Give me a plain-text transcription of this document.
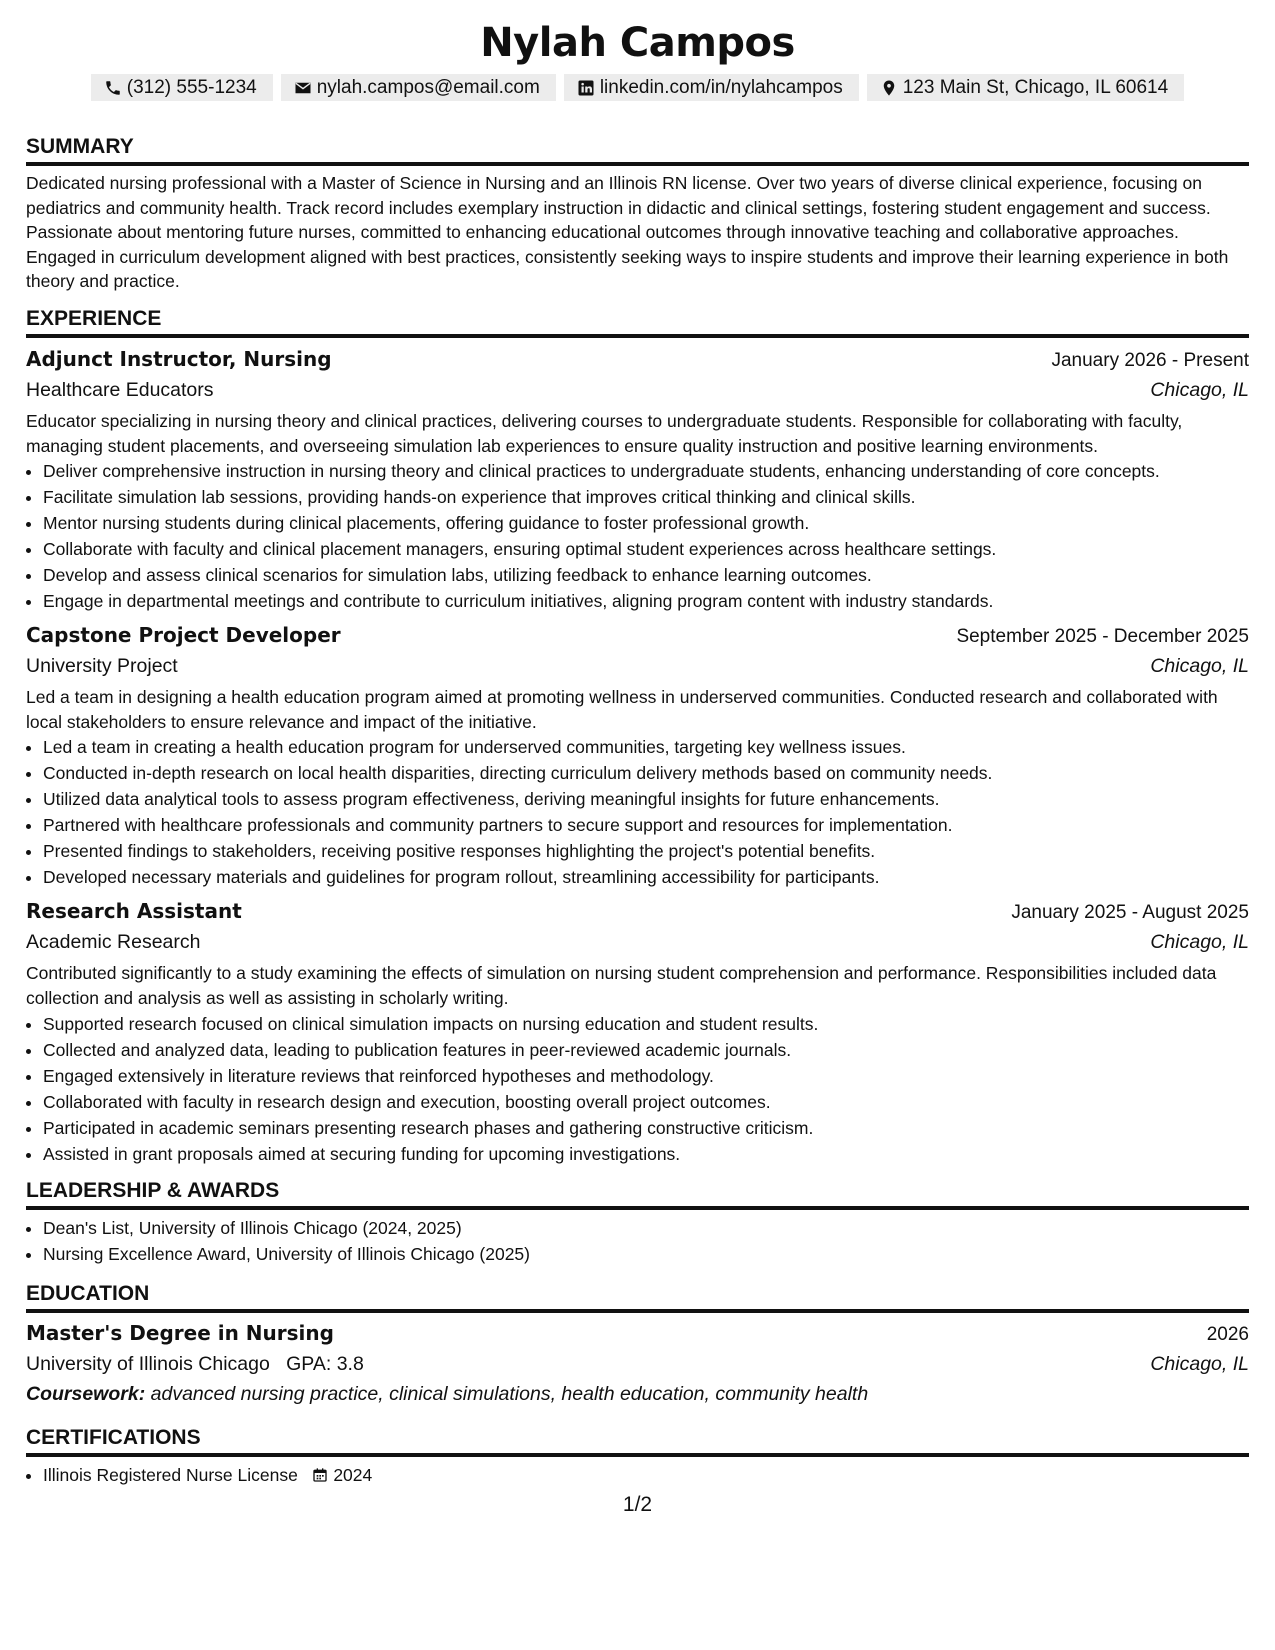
Nylah Campos
(312) 555-1234	nylah.campos@email.com	linkedin.com/in/nylahcampos	123 Main St, Chicago, IL 60614
SUMMARY

Dedicated nursing professional with a Master of Science in Nursing and an Illinois RN license. Over two years of diverse clinical experience, focusing on pediatrics and community health. Track record includes exemplary instruction in didactic and clinical settings, fostering student engagement and success. Passionate about mentoring future nurses, committed to enhancing educational outcomes through innovative teaching and collaborative approaches. Engaged in curriculum development aligned with best practices, consistently seeking ways to inspire students and improve their learning experience in both theory and practice.

EXPERIENCE
Adjunct Instructor, Nursing	January 2026 - Present
Healthcare Educators	Chicago, IL

Educator specializing in nursing theory and clinical practices, delivering courses to undergraduate students. Responsible for collaborating with faculty, managing student placements, and overseeing simulation lab experiences to ensure quality instruction and positive learning environments.

• Deliver comprehensive instruction in nursing theory and clinical practices to undergraduate students, enhancing understanding of core concepts.
• Facilitate simulation lab sessions, providing hands-on experience that improves critical thinking and clinical skills.
• Mentor nursing students during clinical placements, offering guidance to foster professional growth.
• Collaborate with faculty and clinical placement managers, ensuring optimal student experiences across healthcare settings.
• Develop and assess clinical scenarios for simulation labs, utilizing feedback to enhance learning outcomes.
• Engage in departmental meetings and contribute to curriculum initiatives, aligning program content with industry standards.
Capstone Project Developer	September 2025 - December 2025
University Project	Chicago, IL

Led a team in designing a health education program aimed at promoting wellness in underserved communities. Conducted research and collaborated with local stakeholders to ensure relevance and impact of the initiative.

• Led a team in creating a health education program for underserved communities, targeting key wellness issues.
• Conducted in-depth research on local health disparities, directing curriculum delivery methods based on community needs.
• Utilized data analytical tools to assess program effectiveness, deriving meaningful insights for future enhancements.
• Partnered with healthcare professionals and community partners to secure support and resources for implementation.
• Presented findings to stakeholders, receiving positive responses highlighting the project's potential benefits.
• Developed necessary materials and guidelines for program rollout, streamlining accessibility for participants.
Research Assistant	January 2025 - August 2025
Academic Research	Chicago, IL

Contributed significantly to a study examining the effects of simulation on nursing student comprehension and performance. Responsibilities included data collection and analysis as well as assisting in scholarly writing.

• Supported research focused on clinical simulation impacts on nursing education and student results.
• Collected and analyzed data, leading to publication features in peer-reviewed academic journals.
• Engaged extensively in literature reviews that reinforced hypotheses and methodology.
• Collaborated with faculty in research design and execution, boosting overall project outcomes.
• Participated in academic seminars presenting research phases and gathering constructive criticism.
• Assisted in grant proposals aimed at securing funding for upcoming investigations.
LEADERSHIP & AWARDS
• Dean's List, University of Illinois Chicago (2024, 2025)
• Nursing Excellence Award, University of Illinois Chicago (2025)
EDUCATION
Master's Degree in Nursing	2026
University of Illinois Chicago GPA: 3.8	Chicago, IL
Coursework: advanced nursing practice, clinical simulations, health education, community health
CERTIFICATIONS
• Illinois Registered Nurse License 2024
1/2
